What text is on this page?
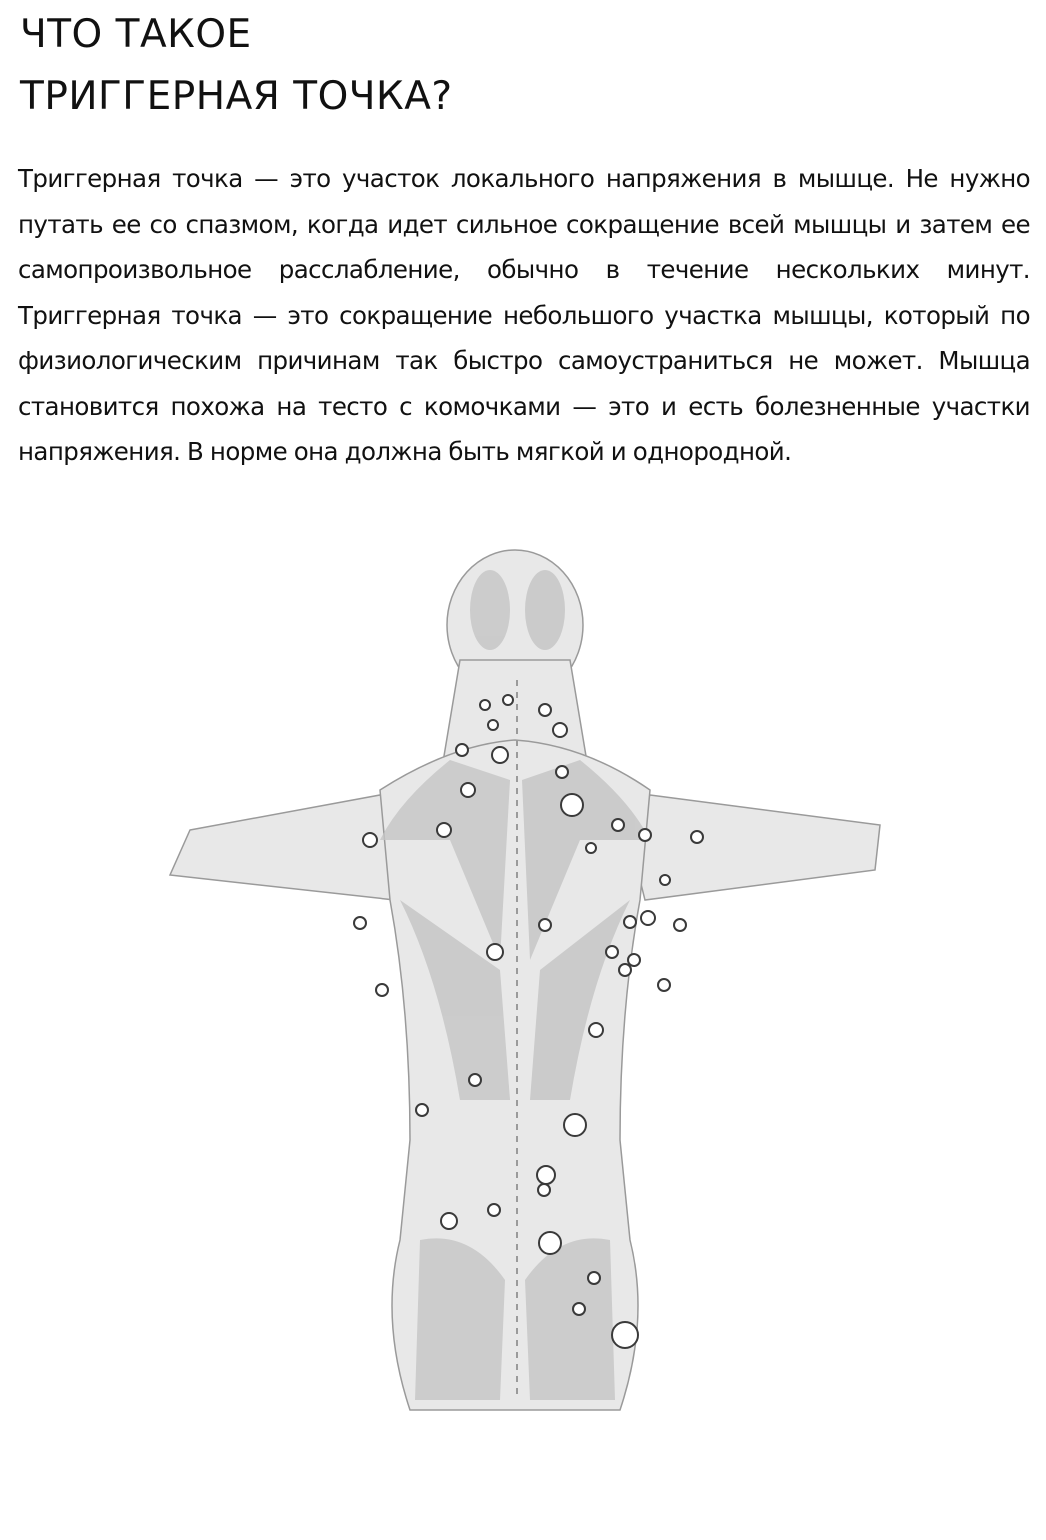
ЧТО ТАКОЕ
ТРИГГЕРНАЯ ТОЧКА?

Триггерная точка — это участок локального напряжения в мышце. Не нужно путать ее со спазмом, когда идет сильное сокращение всей мышцы и затем ее самопроизвольное расслабление, обычно в течение нескольких минут. Триггерная точка — это сокращение небольшого участка мышцы, который по физиологическим причинам так быстро самоустраниться не может. Мышца становится похожа на тесто с комочками — это и есть болезненные участки напряжения. В норме она должна быть мягкой и однородной.
